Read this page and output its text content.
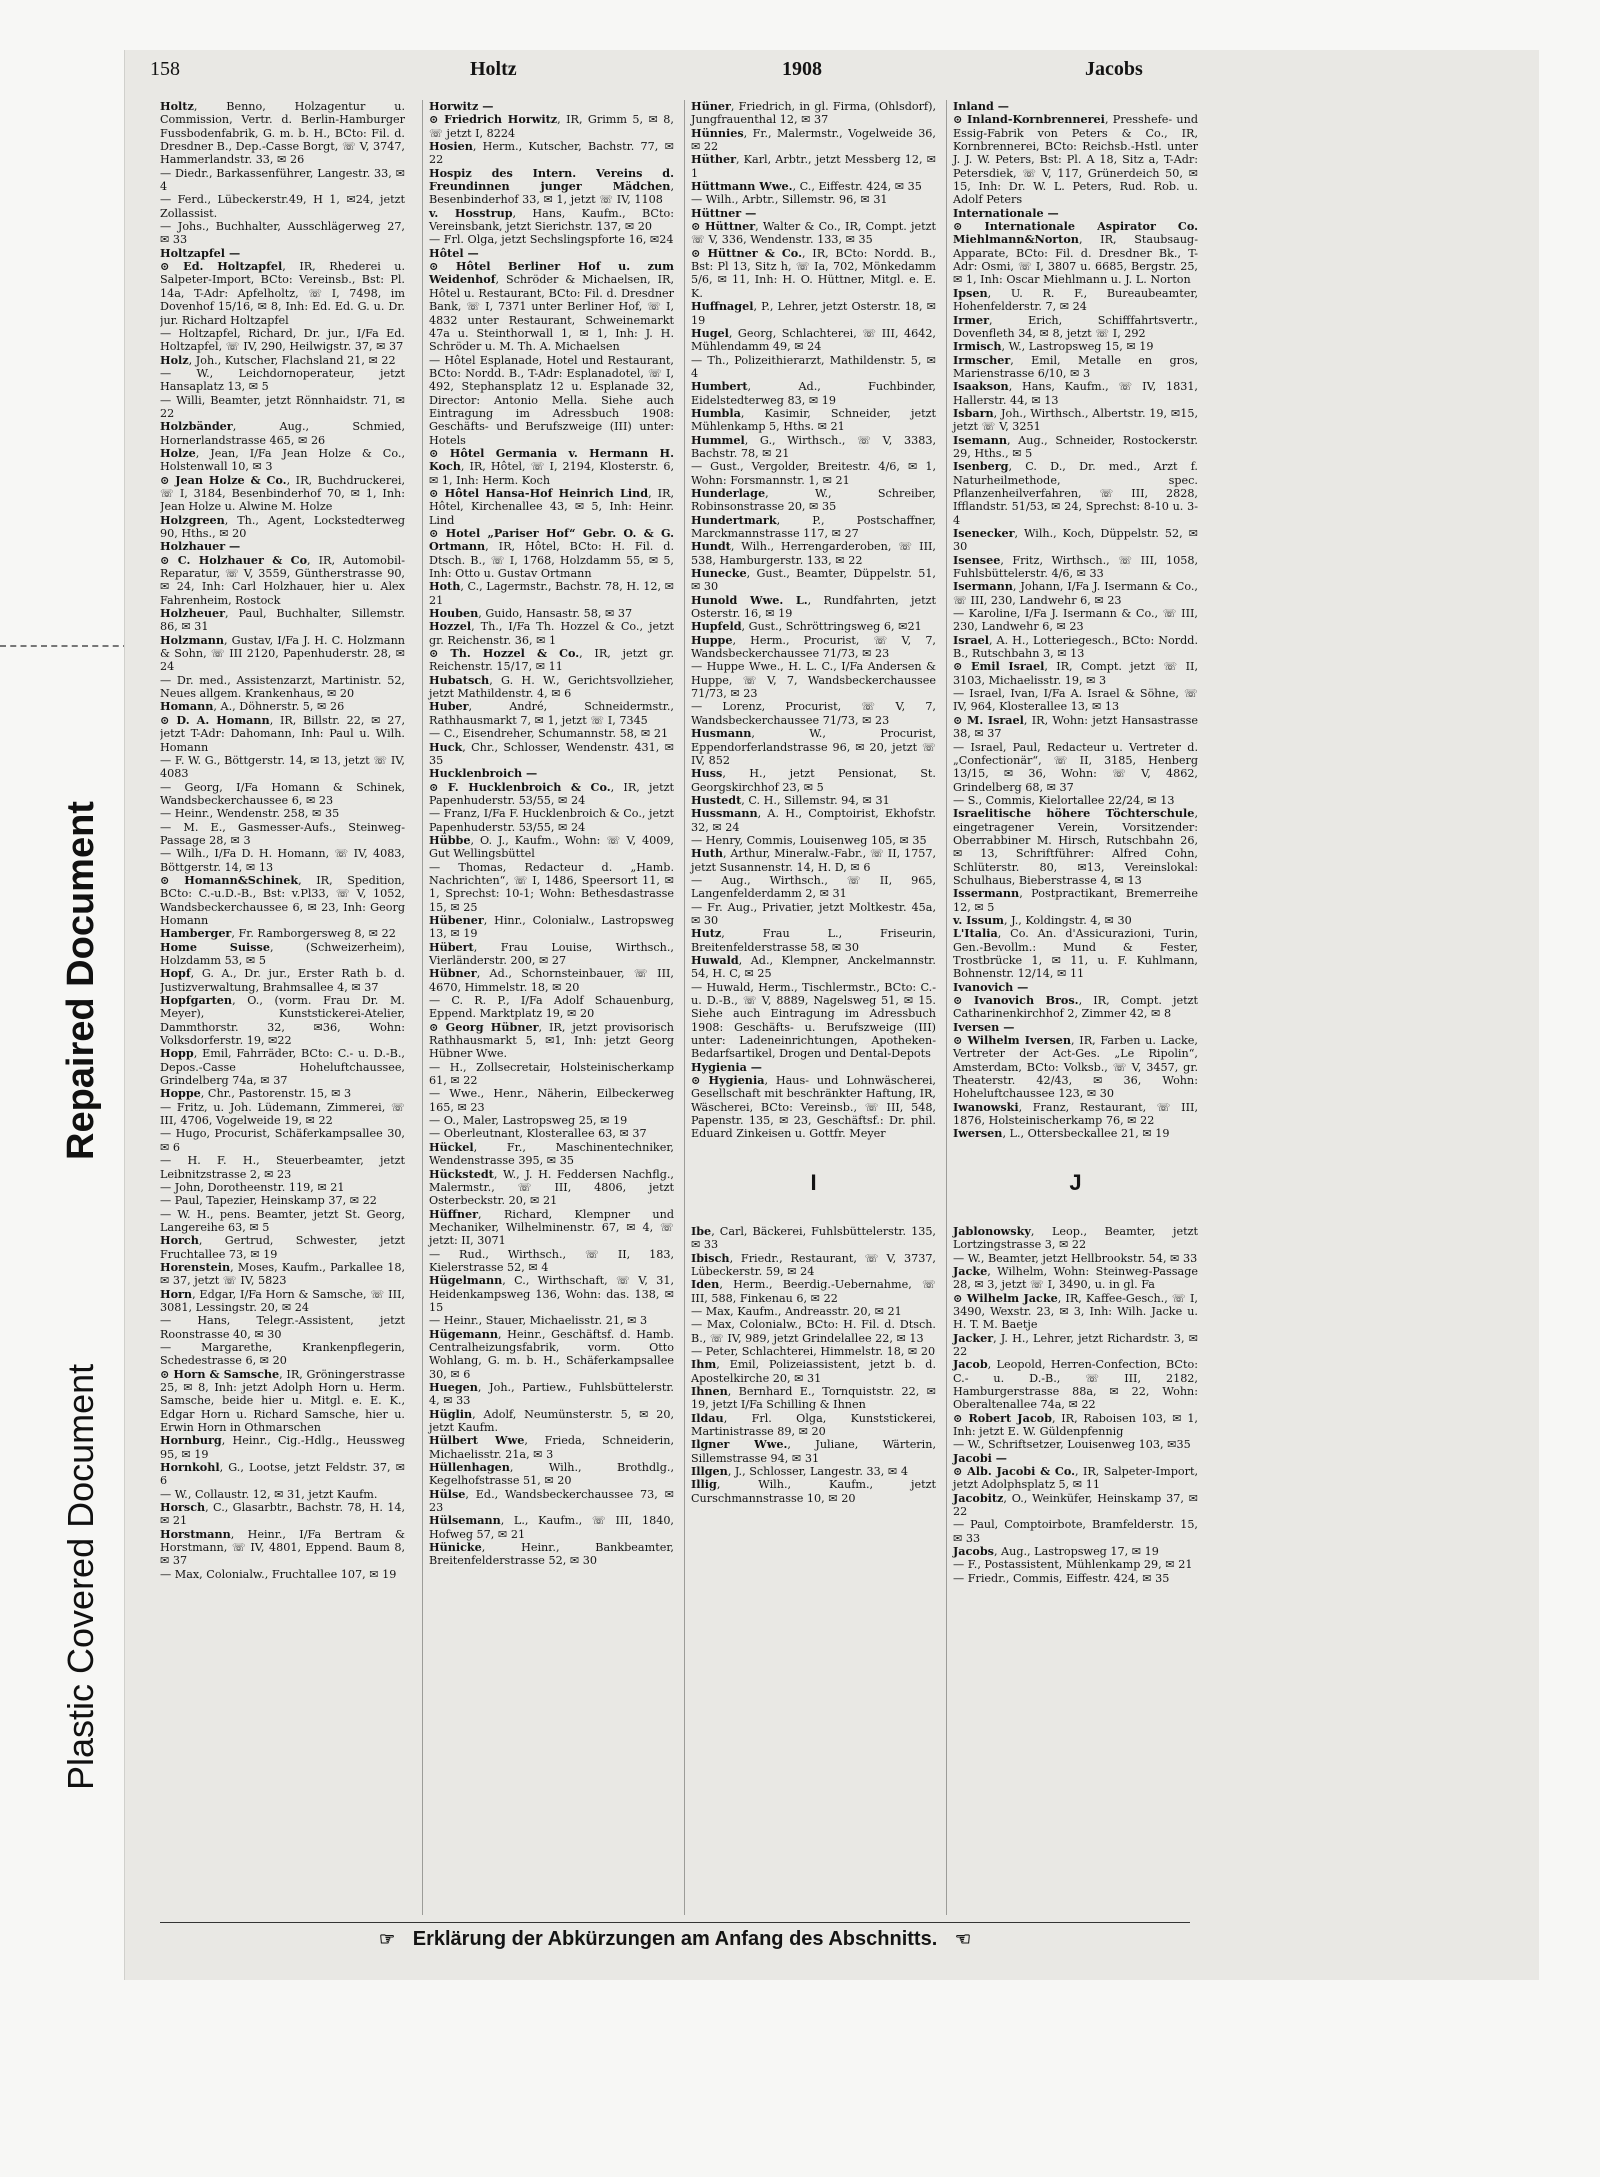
Repaired Document
Plastic Covered Document
158	Holtz	1908	Jacobs

Holtz, Benno, Holzagentur u. Commission, Vertr. d. Berlin-Hamburger Fussbodenfabrik, G. m. b. H., BCto: Fil. d. Dresdner B., Dep.-Casse Borgt, ☏ V, 3747, Hammerlandstr. 33, ✉ 26

— Diedr., Barkassenführer, Langestr. 33, ✉ 4

— Ferd., Lübeckerstr.49, H 1, ✉24, jetzt Zollassist.

— Johs., Buchhalter, Ausschlägerweg 27, ✉ 33

Holtzapfel —

⊙ Ed. Holtzapfel, IR, Rhederei u. Salpeter-Import, BCto: Vereinsb., Bst: Pl. 14a, T-Adr: Apfelholtz, ☏ I, 7498, im Dovenhof 15/16, ✉ 8, Inh: Ed. Ed. G. u. Dr. jur. Richard Holtzapfel

— Holtzapfel, Richard, Dr. jur., I/Fa Ed. Holtzapfel, ☏ IV, 290, Heilwigstr. 37, ✉ 37

Holz, Joh., Kutscher, Flachsland 21, ✉ 22

— W., Leichdornoperateur, jetzt Hansaplatz 13, ✉ 5

— Willi, Beamter, jetzt Rönnhaidstr. 71, ✉ 22

Holzbänder, Aug., Schmied, Hornerlandstrasse 465, ✉ 26

Holze, Jean, I/Fa Jean Holze & Co., Holstenwall 10, ✉ 3

⊙ Jean Holze & Co., IR, Buchdruckerei, ☏ I, 3184, Besenbinderhof 70, ✉ 1, Inh: Jean Holze u. Alwine M. Holze

Holzgreen, Th., Agent, Lockstedterweg 90, Hths., ✉ 20

Holzhauer —

⊙ C. Holzhauer & Co, IR, Automobil-Reparatur, ☏ V, 3559, Güntherstrasse 90, ✉ 24, Inh: Carl Holzhauer, hier u. Alex Fahrenheim, Rostock

Holzheuer, Paul, Buchhalter, Sillemstr. 86, ✉ 31

Holzmann, Gustav, I/Fa J. H. C. Holzmann & Sohn, ☏ III 2120, Papenhuderstr. 28, ✉ 24

— Dr. med., Assistenzarzt, Martinistr. 52, Neues allgem. Krankenhaus, ✉ 20

Homann, A., Döhnerstr. 5, ✉ 26

⊙ D. A. Homann, IR, Billstr. 22, ✉ 27, jetzt T-Adr: Dahomann, Inh: Paul u. Wilh. Homann

— F. W. G., Böttgerstr. 14, ✉ 13, jetzt ☏ IV, 4083

— Georg, I/Fa Homann & Schinek, Wandsbeckerchaussee 6, ✉ 23

— Heinr., Wendenstr. 258, ✉ 35

— M. E., Gasmesser-Aufs., Steinweg-Passage 28, ✉ 3

— Wilh., I/Fa D. H. Homann, ☏ IV, 4083, Böttgerstr. 14, ✉ 13

⊙ Homann&Schinek, IR, Spedition, BCto: C.-u.D.-B., Bst: v.Pl33, ☏ V, 1052, Wandsbeckerchaussee 6, ✉ 23, Inh: Georg Homann

Hamberger, Fr. Ramborgersweg 8, ✉ 22

Home Suisse, (Schweizerheim), Holzdamm 53, ✉ 5

Hopf, G. A., Dr. jur., Erster Rath b. d. Justizverwaltung, Brahmsallee 4, ✉ 37

Hopfgarten, O., (vorm. Frau Dr. M. Meyer), Kunststickerei-Atelier, Dammthorstr. 32, ✉36, Wohn: Volksdorferstr. 19, ✉22

Hopp, Emil, Fahrräder, BCto: C.- u. D.-B., Depos.-Casse Hoheluftchaussee, Grindelberg 74a, ✉ 37

Hoppe, Chr., Pastorenstr. 15, ✉ 3

— Fritz, u. Joh. Lüdemann, Zimmerei, ☏ III, 4706, Vogelweide 19, ✉ 22

— Hugo, Procurist, Schäferkampsallee 30, ✉ 6

— H. F. H., Steuerbeamter, jetzt Leibnitzstrasse 2, ✉ 23

— John, Dorotheenstr. 119, ✉ 21

— Paul, Tapezier, Heinskamp 37, ✉ 22

— W. H., pens. Beamter, jetzt St. Georg, Langereihe 63, ✉ 5

Horch, Gertrud, Schwester, jetzt Fruchtallee 73, ✉ 19

Horenstein, Moses, Kaufm., Parkallee 18, ✉ 37, jetzt ☏ IV, 5823

Horn, Edgar, I/Fa Horn & Samsche, ☏ III, 3081, Lessingstr. 20, ✉ 24

— Hans, Telegr.-Assistent, jetzt Roonstrasse 40, ✉ 30

— Margarethe, Krankenpflegerin, Schedestrasse 6, ✉ 20

⊙ Horn & Samsche, IR, Gröningerstrasse 25, ✉ 8, Inh: jetzt Adolph Horn u. Herm. Samsche, beide hier u. Mitgl. e. E. K., Edgar Horn u. Richard Samsche, hier u. Erwin Horn in Othmarschen

Hornburg, Heinr., Cig.-Hdlg., Heussweg 95, ✉ 19

Hornkohl, G., Lootse, jetzt Feldstr. 37, ✉ 6

— W., Collaustr. 12, ✉ 31, jetzt Kaufm.

Horsch, C., Glasarbtr., Bachstr. 78, H. 14, ✉ 21

Horstmann, Heinr., I/Fa Bertram & Horstmann, ☏ IV, 4801, Eppend. Baum 8, ✉ 37

— Max, Colonialw., Fruchtallee 107, ✉ 19

Horwitz —

⊙ Friedrich Horwitz, IR, Grimm 5, ✉ 8, ☏ jetzt I, 8224

Hosien, Herm., Kutscher, Bachstr. 77, ✉22

Hospiz des Intern. Vereins d. Freundinnen junger Mädchen, Besenbinderhof 33, ✉ 1, jetzt ☏ IV, 1108

v. Hosstrup, Hans, Kaufm., BCto: Vereinsbank, jetzt Sierichstr. 137, ✉ 20

— Frl. Olga, jetzt Sechslingspforte 16, ✉24

Hôtel —

⊙ Hôtel Berliner Hof u. zum Weidenhof, Schröder & Michaelsen, IR, Hôtel u. Restaurant, BCto: Fil. d. Dresdner Bank, ☏ I, 7371 unter Berliner Hof, ☏ I, 4832 unter Restaurant, Schweinemarkt 47a u. Steinthorwall 1, ✉ 1, Inh: J. H. Schröder u. M. Th. A. Michaelsen

— Hôtel Esplanade, Hotel und Restaurant, BCto: Nordd. B., T-Adr: Esplanadotel, ☏ I, 492, Stephansplatz 12 u. Esplanade 32, Director: Antonio Mella. Siehe auch Eintragung im Adressbuch 1908: Geschäfts- und Berufszweige (III) unter: Hotels

⊙ Hôtel Germania v. Hermann H. Koch, IR, Hôtel, ☏ I, 2194, Klosterstr. 6, ✉ 1, Inh: Herm. Koch

⊙ Hôtel Hansa-Hof Heinrich Lind, IR, Hôtel, Kirchenallee 43, ✉ 5, Inh: Heinr. Lind

⊙ Hotel „Pariser Hof“ Gebr. O. & G. Ortmann, IR, Hôtel, BCto: H. Fil. d. Dtsch. B., ☏ I, 1768, Holzdamm 55, ✉ 5, Inh: Otto u. Gustav Ortmann

Hoth, C., Lagermstr., Bachstr. 78, H. 12, ✉ 21

Houben, Guido, Hansastr. 58, ✉ 37

Hozzel, Th., I/Fa Th. Hozzel & Co., jetzt gr. Reichenstr. 36, ✉ 1

⊙ Th. Hozzel & Co., IR, jetzt gr. Reichenstr. 15/17, ✉ 11

Hubatsch, G. H. W., Gerichtsvollzieher, jetzt Mathildenstr. 4, ✉ 6

Huber, André, Schneidermstr., Rathhausmarkt 7, ✉ 1, jetzt ☏ I, 7345

— C., Eisendreher, Schumannstr. 58, ✉ 21

Huck, Chr., Schlosser, Wendenstr. 431, ✉ 35

Hucklenbroich —

⊙ F. Hucklenbroich & Co., IR, jetzt Papenhuderstr. 53/55, ✉ 24

— Franz, I/Fa F. Hucklenbroich & Co., jetzt Papenhuderstr. 53/55, ✉ 24

Hübbe, O. J., Kaufm., Wohn: ☏ V, 4009, Gut Wellingsbüttel

— Thomas, Redacteur d. „Hamb. Nachrichten“, ☏ I, 1486, Speersort 11, ✉ 1, Sprechst: 10-1; Wohn: Bethesdastrasse 15, ✉ 25

Hübener, Hinr., Colonialw., Lastropsweg 13, ✉ 19

Hübert, Frau Louise, Wirthsch., Vierländerstr. 200, ✉ 27

Hübner, Ad., Schornsteinbauer, ☏ III, 4670, Himmelstr. 18, ✉ 20

— C. R. P., I/Fa Adolf Schauenburg, Eppend. Marktplatz 19, ✉ 20

⊙ Georg Hübner, IR, jetzt provisorisch Rathhausmarkt 5, ✉1, Inh: jetzt Georg Hübner Wwe.

— H., Zollsecretair, Holsteinischerkamp 61, ✉ 22

— Wwe., Henr., Näherin, Eilbeckerweg 165, ✉ 23

— O., Maler, Lastropsweg 25, ✉ 19

— Oberleutnant, Klosterallee 63, ✉ 37

Hückel, Fr., Maschinentechniker, Wendenstrasse 395, ✉ 35

Hückstedt, W., J. H. Feddersen Nachflg., Malermstr., ☏ III, 4806, jetzt Osterbeckstr. 20, ✉ 21

Hüffner, Richard, Klempner und Mechaniker, Wilhelminenstr. 67, ✉ 4, ☏ jetzt: II, 3071

— Rud., Wirthsch., ☏ II, 183, Kielerstrasse 52, ✉ 4

Hügelmann, C., Wirthschaft, ☏ V, 31, Heidenkampsweg 136, Wohn: das. 138, ✉ 15

— Heinr., Stauer, Michaelisstr. 21, ✉ 3

Hügemann, Heinr., Geschäftsf. d. Hamb. Centralheizungsfabrik, vorm. Otto Wohlang, G. m. b. H., Schäferkampsallee 30, ✉ 6

Huegen, Joh., Partiew., Fuhlsbüttelerstr. 4, ✉ 33

Hüglin, Adolf, Neumünsterstr. 5, ✉ 20, jetzt Kaufm.

Hülbert Wwe, Frieda, Schneiderin, Michaelisstr. 21a, ✉ 3

Hüllenhagen, Wilh., Brothdlg., Kegelhofstrasse 51, ✉ 20

Hülse, Ed., Wandsbeckerchaussee 73, ✉23

Hülsemann, L., Kaufm., ☏ III, 1840, Hofweg 57, ✉ 21

Hünicke, Heinr., Bankbeamter, Breitenfelderstrasse 52, ✉ 30

Hüner, Friedrich, in gl. Firma, (Ohlsdorf), Jungfrauenthal 12, ✉ 37

Hünnies, Fr., Malermstr., Vogelweide 36, ✉ 22

Hüther, Karl, Arbtr., jetzt Messberg 12, ✉ 1

Hüttmann Wwe., C., Eiffestr. 424, ✉ 35

— Wilh., Arbtr., Sillemstr. 96, ✉ 31

Hüttner —

⊙ Hüttner, Walter & Co., IR, Compt. jetzt ☏ V, 336, Wendenstr. 133, ✉ 35

⊙ Hüttner & Co., IR, BCto: Nordd. B., Bst: Pl 13, Sitz h, ☏ Ia, 702, Mönkedamm 5/6, ✉ 11, Inh: H. O. Hüttner, Mitgl. e. E. K.

Huffnagel, P., Lehrer, jetzt Osterstr. 18, ✉ 19

Hugel, Georg, Schlachterei, ☏ III, 4642, Mühlendamm 49, ✉ 24

— Th., Polizeithierarzt, Mathildenstr. 5, ✉ 4

Humbert, Ad., Fuchbinder, Eidelstedterweg 83, ✉ 19

Humbla, Kasimir, Schneider, jetzt Mühlenkamp 5, Hths. ✉ 21

Hummel, G., Wirthsch., ☏ V, 3383, Bachstr. 78, ✉ 21

— Gust., Vergolder, Breitestr. 4/6, ✉ 1, Wohn: Forsmannstr. 1, ✉ 21

Hunderlage, W., Schreiber, Robinsonstrasse 20, ✉ 35

Hundertmark, P., Postschaffner, Marckmannstrasse 117, ✉ 27

Hundt, Wilh., Herrengarderoben, ☏ III, 538, Hamburgerstr. 133, ✉ 22

Hunecke, Gust., Beamter, Düppelstr. 51, ✉ 30

Hunold Wwe. L., Rundfahrten, jetzt Osterstr. 16, ✉ 19

Hupfeld, Gust., Schröttringsweg 6, ✉21

Huppe, Herm., Procurist, ☏ V, 7, Wandsbeckerchaussee 71/73, ✉ 23

— Huppe Wwe., H. L. C., I/Fa Andersen & Huppe, ☏ V, 7, Wandsbeckerchaussee 71/73, ✉ 23

— Lorenz, Procurist, ☏ V, 7, Wandsbeckerchaussee 71/73, ✉ 23

Husmann, W., Procurist, Eppendorferlandstrasse 96, ✉ 20, jetzt ☏ IV, 852

Huss, H., jetzt Pensionat, St. Georgskirchhof 23, ✉ 5

Hustedt, C. H., Sillemstr. 94, ✉ 31

Hussmann, A. H., Comptoirist, Ekhofstr. 32, ✉ 24

— Henry, Commis, Louisenweg 105, ✉ 35

Huth, Arthur, Mineralw.-Fabr., ☏ II, 1757, jetzt Susannenstr. 14, H. D, ✉ 6

— Aug., Wirthsch., ☏ II, 965, Langenfelderdamm 2, ✉ 31

— Fr. Aug., Privatier, jetzt Moltkestr. 45a, ✉ 30

Hutz, Frau L., Friseurin, Breitenfelderstrasse 58, ✉ 30

Huwald, Ad., Klempner, Anckelmannstr. 54, H. C, ✉ 25

— Huwald, Herm., Tischlermstr., BCto: C.- u. D.-B., ☏ V, 8889, Nagelsweg 51, ✉ 15. Siehe auch Eintragung im Adressbuch 1908: Geschäfts- u. Berufszweige (III) unter: Ladeneinrichtungen, Apotheken-Bedarfsartikel, Drogen und Dental-Depots

Hygienia —

⊙ Hygienia, Haus- und Lohnwäscherei, Gesellschaft mit beschränkter Haftung, IR, Wäscherei, BCto: Vereinsb., ☏ III, 548, Papenstr. 135, ✉ 23, Geschäftsf.: Dr. phil. Eduard Zinkeisen u. Gottfr. Meyer

I

Ibe, Carl, Bäckerei, Fuhlsbüttelerstr. 135, ✉ 33

Ibisch, Friedr., Restaurant, ☏ V, 3737, Lübeckerstr. 59, ✉ 24

Iden, Herm., Beerdig.-Uebernahme, ☏ III, 588, Finkenau 6, ✉ 22

— Max, Kaufm., Andreasstr. 20, ✉ 21

— Max, Colonialw., BCto: H. Fil. d. Dtsch. B., ☏ IV, 989, jetzt Grindelallee 22, ✉ 13

— Peter, Schlachterei, Himmelstr. 18, ✉ 20

Ihm, Emil, Polizeiassistent, jetzt b. d. Apostelkirche 20, ✉ 31

Ihnen, Bernhard E., Tornquiststr. 22, ✉ 19, jetzt I/Fa Schilling & Ihnen

Ildau, Frl. Olga, Kunststickerei, Martinistrasse 89, ✉ 20

Ilgner Wwe., Juliane, Wärterin, Sillemstrasse 94, ✉ 31

Illgen, J., Schlosser, Langestr. 33, ✉ 4

Illig, Wilh., Kaufm., jetzt Curschmannstrasse 10, ✉ 20

Inland —

⊙ Inland-Kornbrennerei, Presshefe- und Essig-Fabrik von Peters & Co., IR, Kornbrennerei, BCto: Reichsb.-Hstl. unter J. J. W. Peters, Bst: Pl. A 18, Sitz a, T-Adr: Petersdiek, ☏ V, 117, Grünerdeich 50, ✉ 15, Inh: Dr. W. L. Peters, Rud. Rob. u. Adolf Peters

Internationale —

⊙ Internationale Aspirator Co. Miehlmann&Norton, IR, Staubsaug-Apparate, BCto: Fil. d. Dresdner Bk., T-Adr: Osmi, ☏ I, 3807 u. 6685, Bergstr. 25, ✉ 1, Inh: Oscar Miehlmann u. J. L. Norton

Ipsen, U. R. F., Bureaubeamter, Hohenfelderstr. 7, ✉ 24

Irmer, Erich, Schifffahrtsvertr., Dovenfleth 34, ✉ 8, jetzt ☏ I, 292

Irmisch, W., Lastropsweg 15, ✉ 19

Irmscher, Emil, Metalle en gros, Marienstrasse 6/10, ✉ 3

Isaakson, Hans, Kaufm., ☏ IV, 1831, Hallerstr. 44, ✉ 13

Isbarn, Joh., Wirthsch., Albertstr. 19, ✉15, jetzt ☏ V, 3251

Isemann, Aug., Schneider, Rostockerstr. 29, Hths., ✉ 5

Isenberg, C. D., Dr. med., Arzt f. Naturheilmethode, spec. Pflanzenheilverfahren, ☏ III, 2828, Ifflandstr. 51/53, ✉ 24, Sprechst: 8-10 u. 3-4

Isenecker, Wilh., Koch, Düppelstr. 52, ✉ 30

Isensee, Fritz, Wirthsch., ☏ III, 1058, Fuhlsbüttelerstr. 4/6, ✉ 33

Isermann, Johann, I/Fa J. Isermann & Co., ☏ III, 230, Landwehr 6, ✉ 23

— Karoline, I/Fa J. Isermann & Co., ☏ III, 230, Landwehr 6, ✉ 23

Israel, A. H., Lotteriegesch., BCto: Nordd. B., Rutschbahn 3, ✉ 13

⊙ Emil Israel, IR, Compt. jetzt ☏ II, 3103, Michaelisstr. 19, ✉ 3

— Israel, Ivan, I/Fa A. Israel & Söhne, ☏ IV, 964, Klosterallee 13, ✉ 13

⊙ M. Israel, IR, Wohn: jetzt Hansastrasse 38, ✉ 37

— Israel, Paul, Redacteur u. Vertreter d. „Confectionär“, ☏ II, 3185, Henberg 13/15, ✉ 36, Wohn: ☏ V, 4862, Grindelberg 68, ✉ 37

— S., Commis, Kielortallee 22/24, ✉ 13

Israelitische höhere Töchterschule, eingetragener Verein, Vorsitzender: Oberrabbiner M. Hirsch, Rutschbahn 26, ✉ 13, Schriftführer: Alfred Cohn, Schlüterstr. 80, ✉13, Vereinslokal: Schulhaus, Bieberstrasse 4, ✉ 13

Issermann, Postpractikant, Bremerreihe 12, ✉ 5

v. Issum, J., Koldingstr. 4, ✉ 30

L'Italia, Co. An. d'Assicurazioni, Turin, Gen.-Bevollm.: Mund & Fester, Trostbrücke 1, ✉ 11, u. F. Kuhlmann, Bohnenstr. 12/14, ✉ 11

Ivanovich —

⊙ Ivanovich Bros., IR, Compt. jetzt Catharinenkirchhof 2, Zimmer 42, ✉ 8

Iversen —

⊙ Wilhelm Iversen, IR, Farben u. Lacke, Vertreter der Act-Ges. „Le Ripolin“, Amsterdam, BCto: Volksb., ☏ V, 3457, gr. Theaterstr. 42/43, ✉ 36, Wohn: Hoheluftchaussee 123, ✉ 30

Iwanowski, Franz, Restaurant, ☏ III, 1876, Holsteinischerkamp 76, ✉ 22

Iwersen, L., Ottersbeckallee 21, ✉ 19

J

Jablonowsky, Leop., Beamter, jetzt Lortzingstrasse 3, ✉ 22

— W., Beamter, jetzt Hellbrookstr. 54, ✉ 33

Jacke, Wilhelm, Wohn: Steinweg-Passage 28, ✉ 3, jetzt ☏ I, 3490, u. in gl. Fa

⊙ Wilhelm Jacke, IR, Kaffee-Gesch., ☏ I, 3490, Wexstr. 23, ✉ 3, Inh: Wilh. Jacke u. H. T. M. Baetje

Jacker, J. H., Lehrer, jetzt Richardstr. 3, ✉ 22

Jacob, Leopold, Herren-Confection, BCto: C.- u. D.-B., ☏ III, 2182, Hamburgerstrasse 88a, ✉ 22, Wohn: Oberaltenallee 74a, ✉ 22

⊙ Robert Jacob, IR, Raboisen 103, ✉ 1, Inh: jetzt E. W. Güldenpfennig

— W., Schriftsetzer, Louisenweg 103, ✉35

Jacobi —

⊙ Alb. Jacobi & Co., IR, Salpeter-Import, jetzt Adolphsplatz 5, ✉ 11

Jacobitz, O., Weinküfer, Heinskamp 37, ✉ 22

— Paul, Comptoirbote, Bramfelderstr. 15, ✉ 33

Jacobs, Aug., Lastropsweg 17, ✉ 19

— F., Postassistent, Mühlenkamp 29, ✉ 21

— Friedr., Commis, Eiffestr. 424, ✉ 35

☞ Erklärung der Abkürzungen am Anfang des Abschnitts. ☜
